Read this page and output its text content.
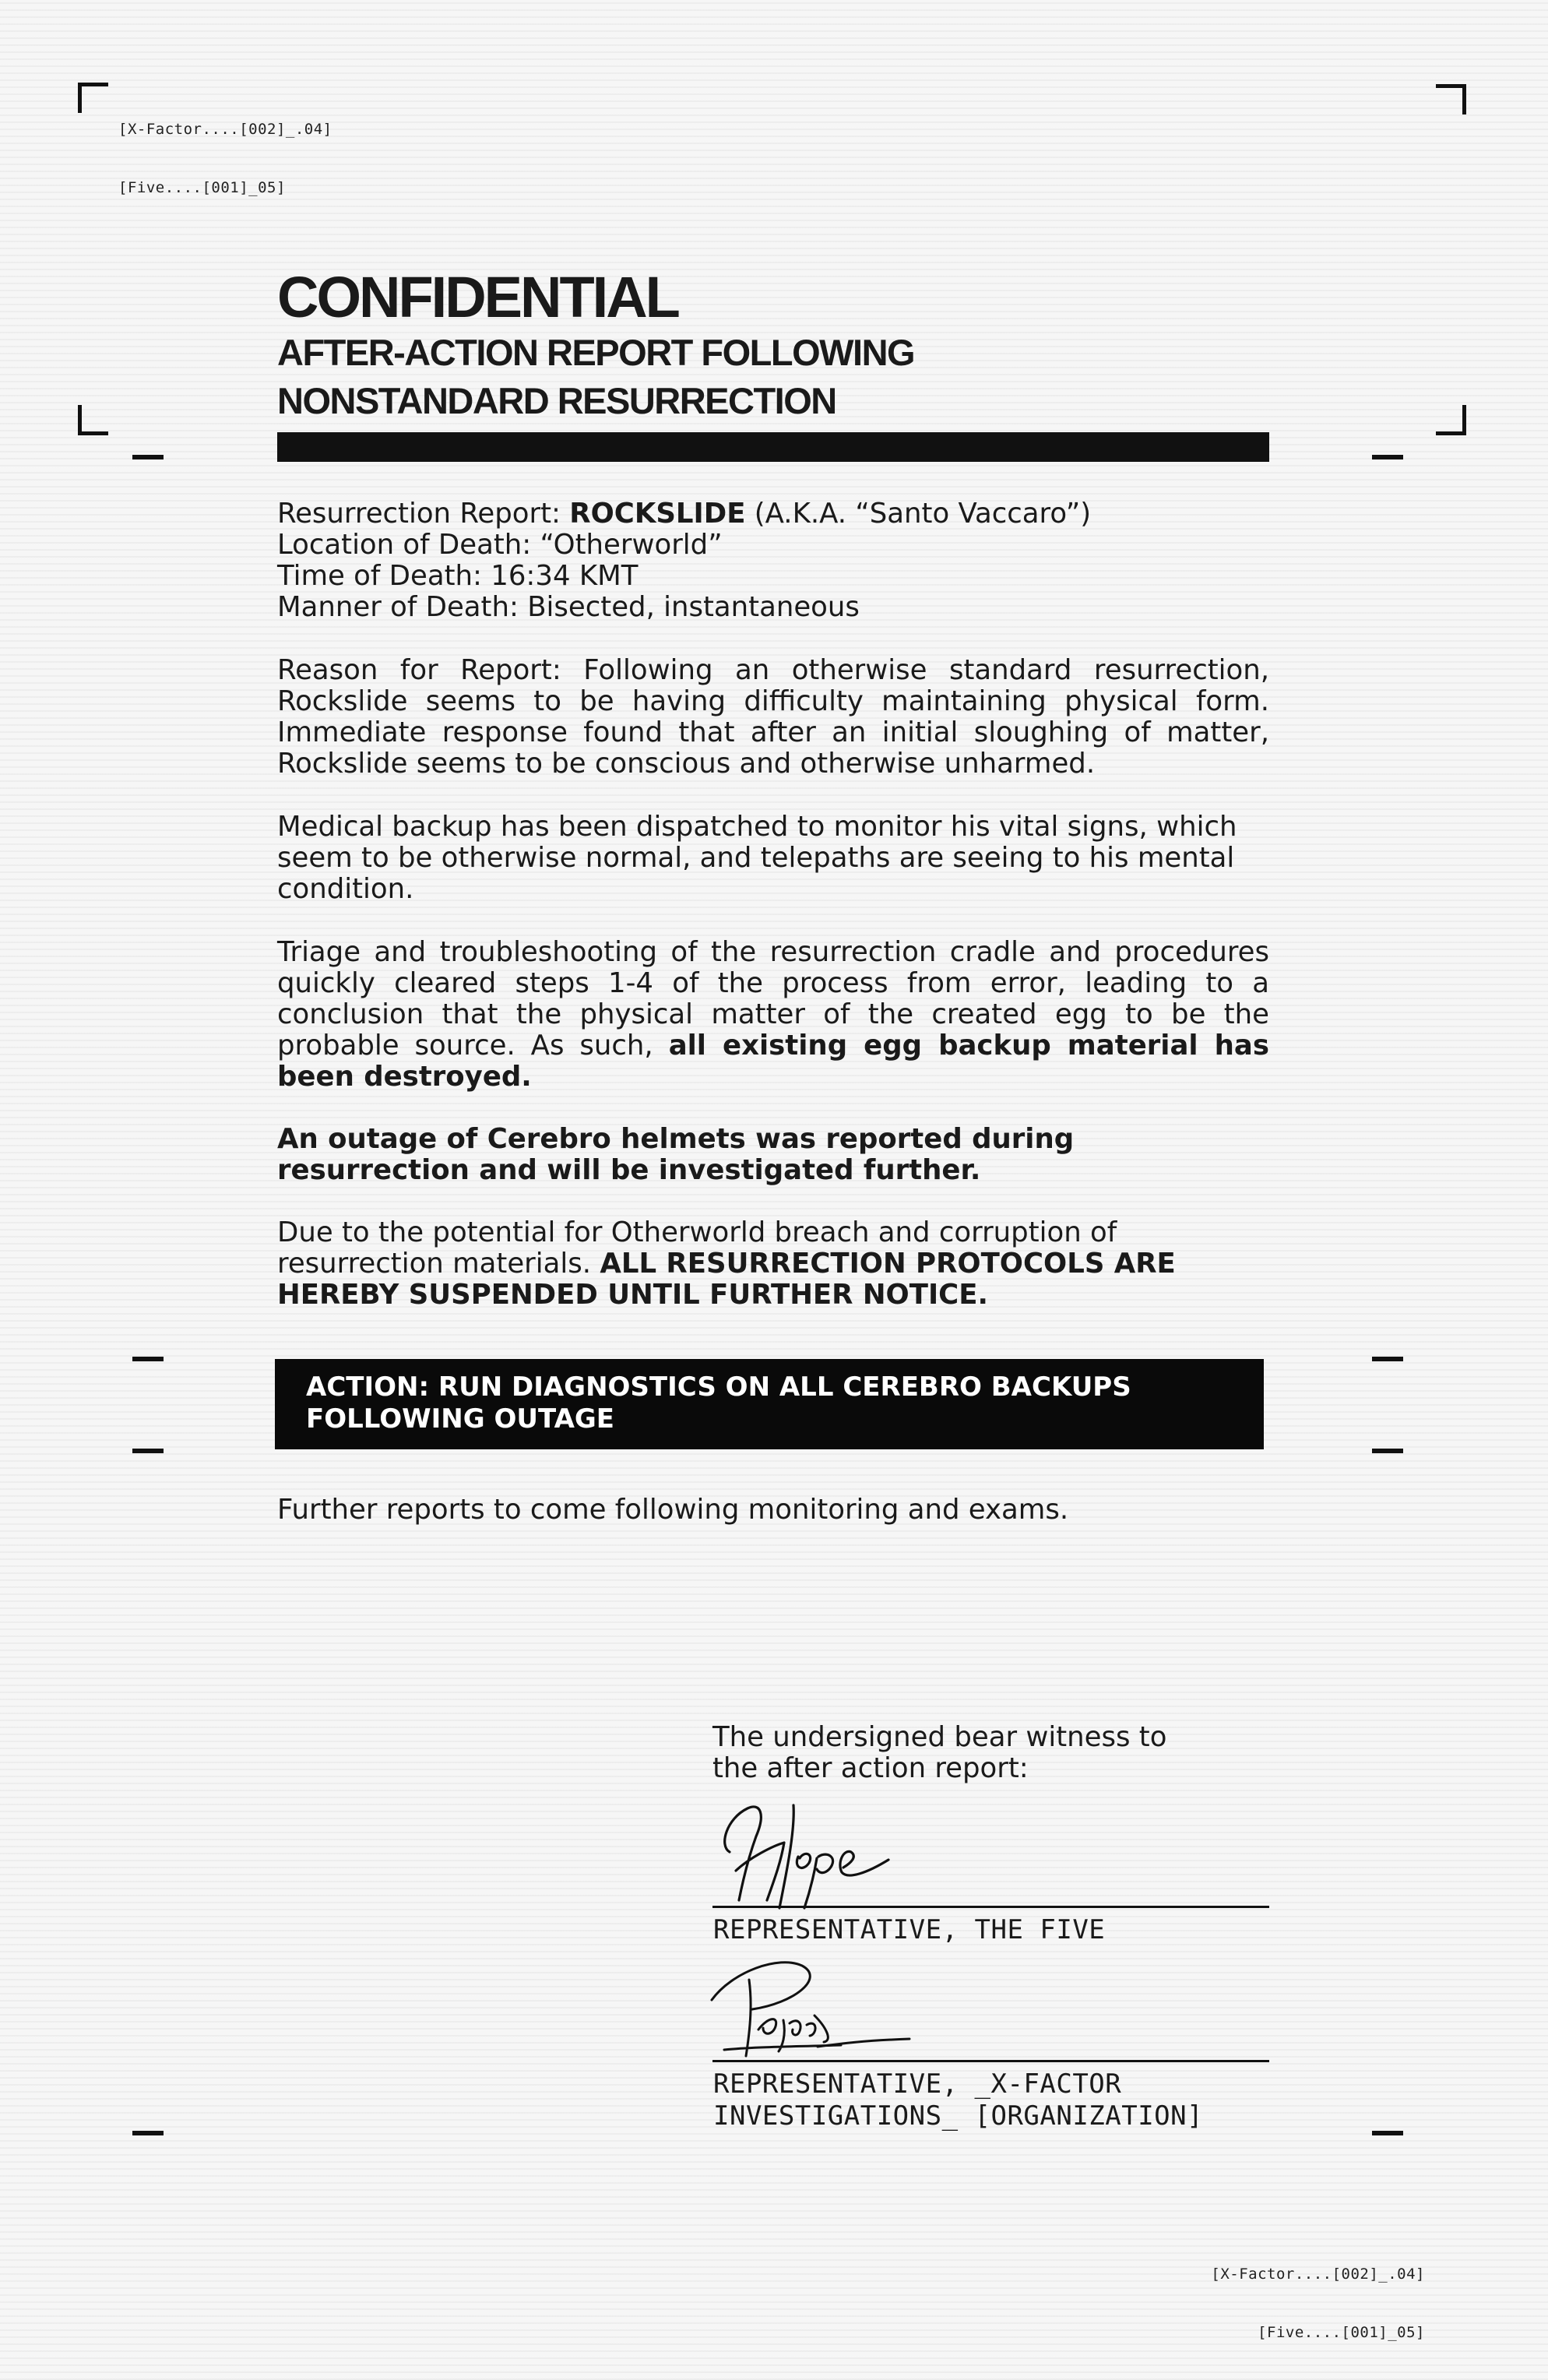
[X-Factor....[002]_.04]

[Five....[001]_05]

CONFIDENTIAL
AFTER-ACTION REPORT FOLLOWING
NONSTANDARD RESURRECTION

Resurrection Report: ROCKSLIDE (A.K.A. “Santo Vaccaro”)

Location of Death: “Otherworld”

Time of Death: 16:34 KMT

Manner of Death: Bisected, instantaneous

Reason for Report: Following an otherwise standard resurrection, Rockslide seems to be having difficulty maintaining physical form. Immediate response found that after an initial sloughing of matter, Rockslide seems to be conscious and otherwise unharmed.
Medical backup has been dispatched to monitor his vital signs, which seem to be otherwise normal, and telepaths are seeing to his mental condition.
Triage and troubleshooting of the resurrection cradle and procedures quickly cleared steps 1-4 of the process from error, leading to a conclusion that the physical matter of the created egg to be the probable source. As such, all existing egg backup material has been destroyed.
An outage of Cerebro helmets was reported during resurrection and will be investigated further.
Due to the potential for Otherworld breach and corruption of resurrection materials. ALL RESURRECTION PROTOCOLS ARE HEREBY SUSPENDED UNTIL FURTHER NOTICE.
ACTION: RUN DIAGNOSTICS ON ALL CEREBRO BACKUPS
FOLLOWING OUTAGE
Further reports to come following monitoring and exams.
The undersigned bear witness to
the after action report:
REPRESENTATIVE, THE FIVE
REPRESENTATIVE, _X-FACTOR
INVESTIGATIONS_ [ORGANIZATION]

[X-Factor....[002]_.04]

[Five....[001]_05]
